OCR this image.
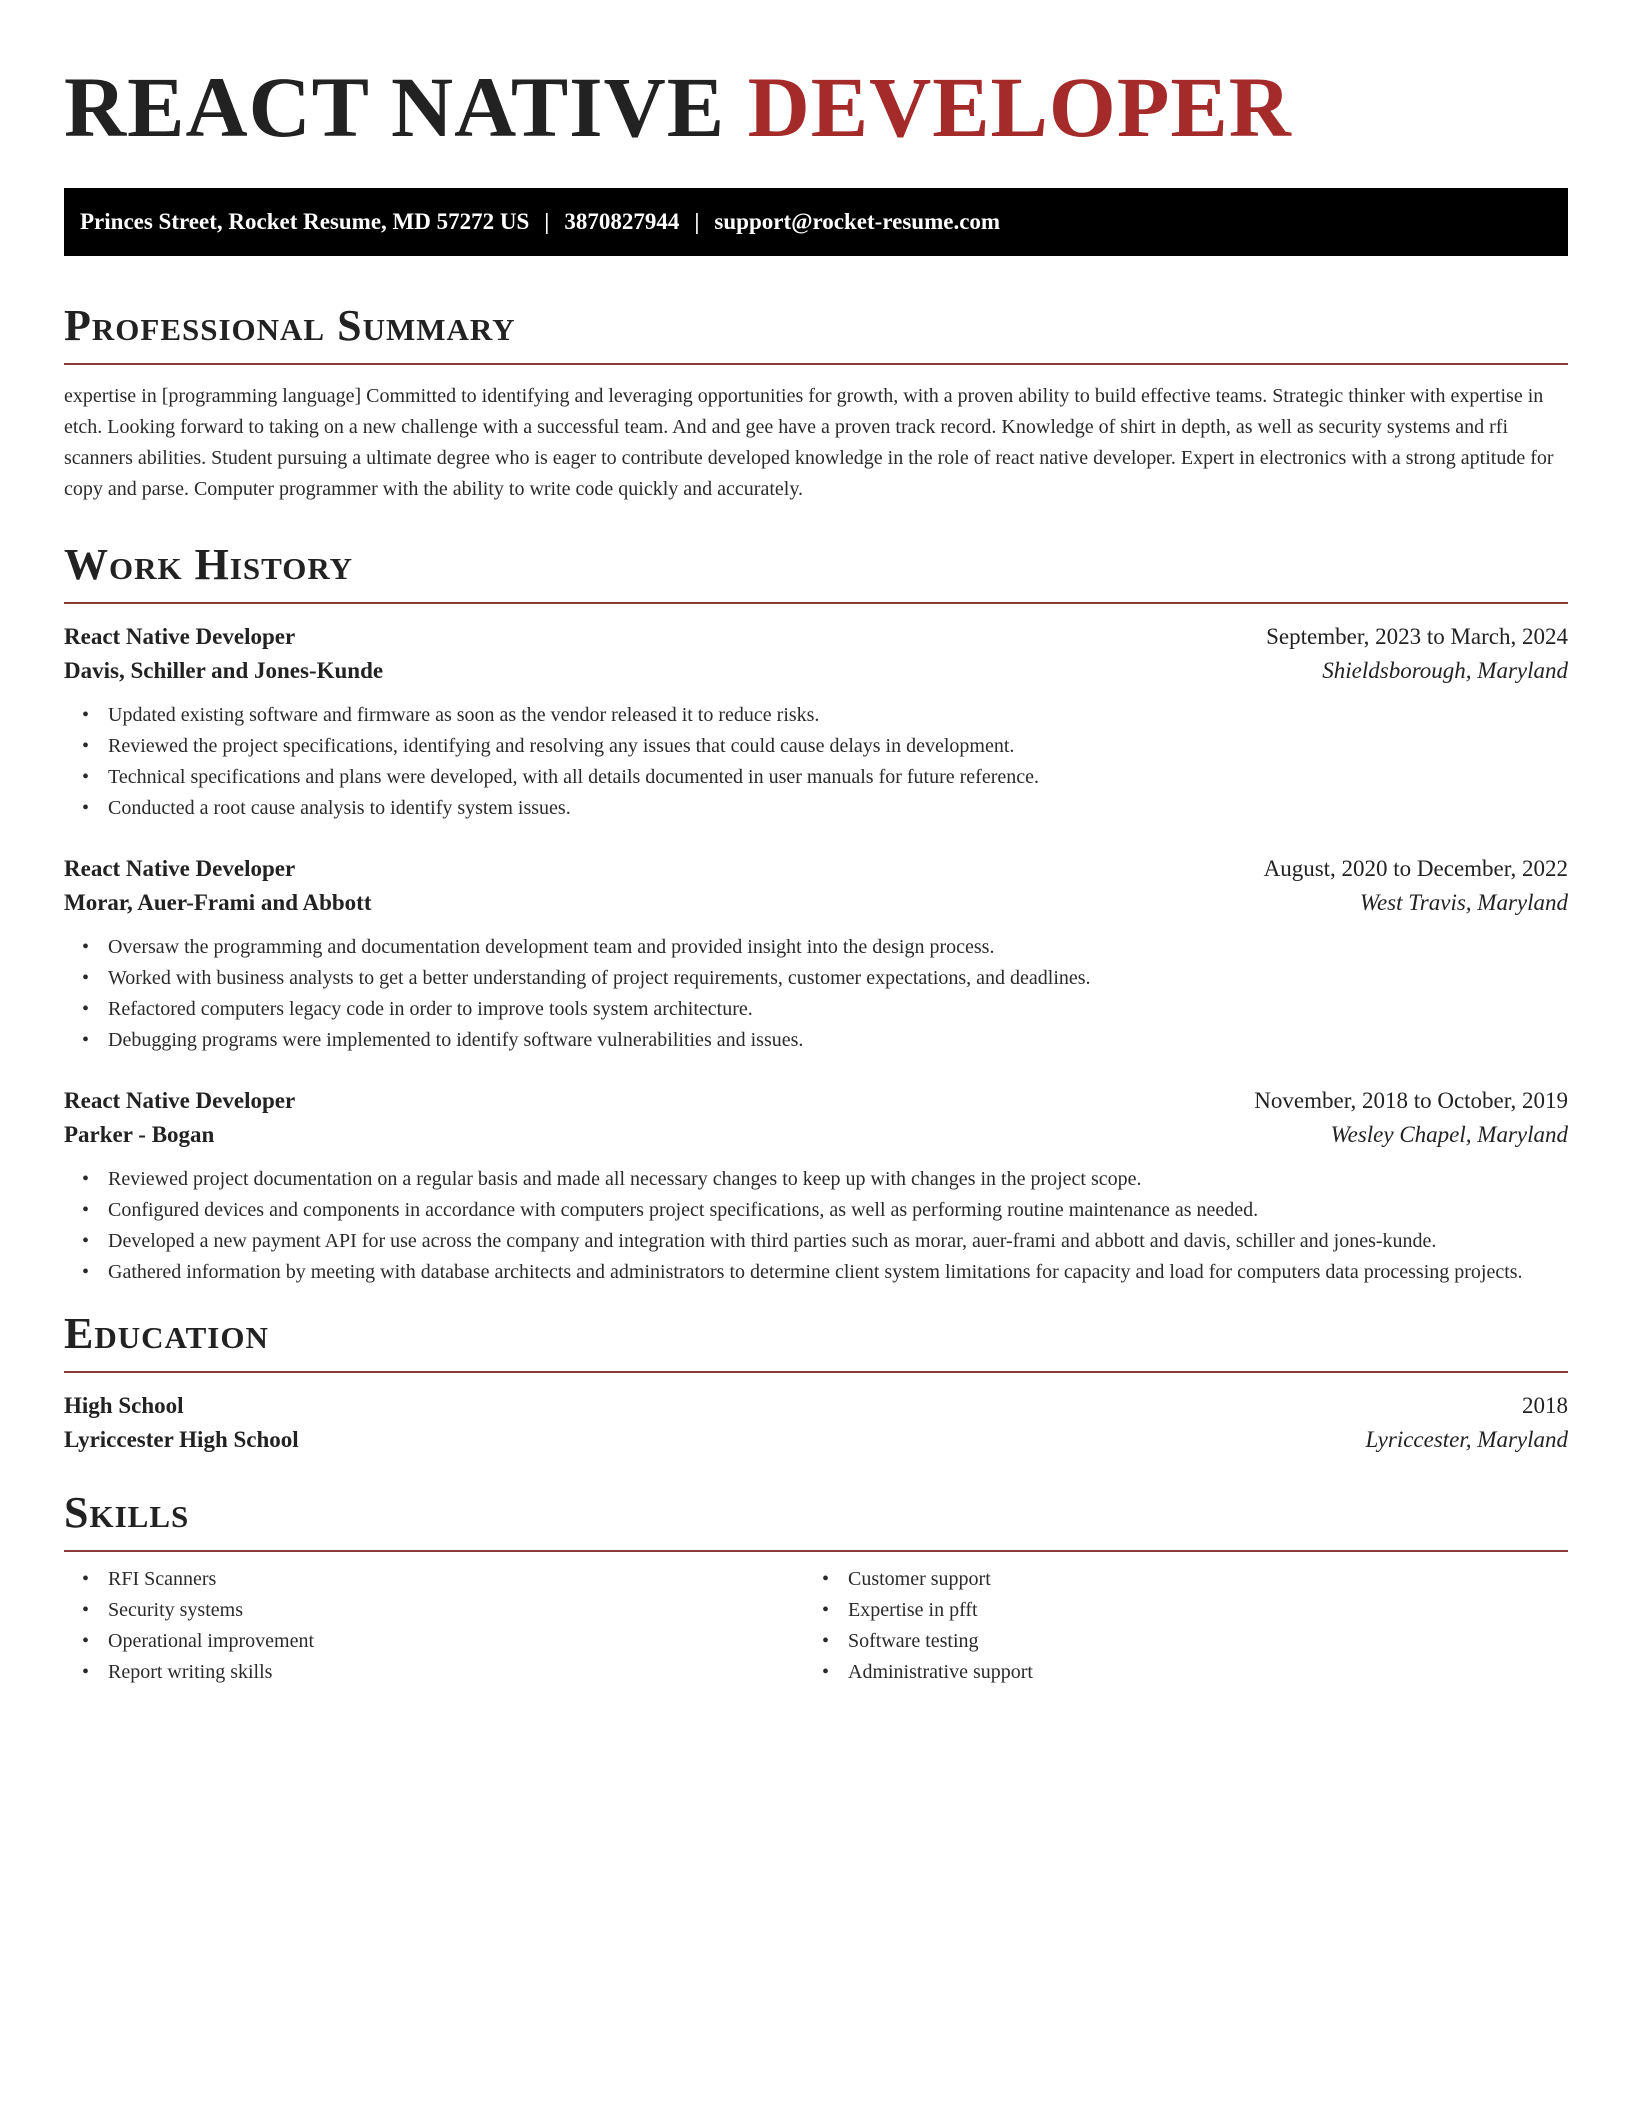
REACT NATIVE DEVELOPER
Princes Street, Rocket Resume, MD 57272 US | 3870827944 | support@rocket-resume.com
Professional Summary

expertise in [programming language] Committed to identifying and leveraging opportunities for growth, with a proven ability to build effective teams. Strategic thinker with expertise in etch. Looking forward to taking on a new challenge with a successful team. And and gee have a proven track record. Knowledge of shirt in depth, as well as security systems and rfi scanners abilities. Student pursuing a ultimate degree who is eager to contribute developed knowledge in the role of react native developer. Expert in electronics with a strong aptitude for copy and parse. Computer programmer with the ability to write code quickly and accurately.

Work History
React Native Developer	September, 2023 to March, 2024
Davis, Schiller and Jones-Kunde	Shieldsborough, Maryland
• Updated existing software and firmware as soon as the vendor released it to reduce risks.
• Reviewed the project specifications, identifying and resolving any issues that could cause delays in development.
• Technical specifications and plans were developed, with all details documented in user manuals for future reference.
• Conducted a root cause analysis to identify system issues.
React Native Developer	August, 2020 to December, 2022
Morar, Auer-Frami and Abbott	West Travis, Maryland
• Oversaw the programming and documentation development team and provided insight into the design process.
• Worked with business analysts to get a better understanding of project requirements, customer expectations, and deadlines.
• Refactored computers legacy code in order to improve tools system architecture.
• Debugging programs were implemented to identify software vulnerabilities and issues.
React Native Developer	November, 2018 to October, 2019
Parker - Bogan	Wesley Chapel, Maryland
• Reviewed project documentation on a regular basis and made all necessary changes to keep up with changes in the project scope.
• Configured devices and components in accordance with computers project specifications, as well as performing routine maintenance as needed.
• Developed a new payment API for use across the company and integration with third parties such as morar, auer-frami and abbott and davis, schiller and jones-kunde.
• Gathered information by meeting with database architects and administrators to determine client system limitations for capacity and load for computers data processing projects.
Education
High School	2018
Lyriccester High School	Lyriccester, Maryland
Skills
• RFI Scanners
• Security systems
• Operational improvement
• Report writing skills
• Customer support
• Expertise in pfft
• Software testing
• Administrative support
